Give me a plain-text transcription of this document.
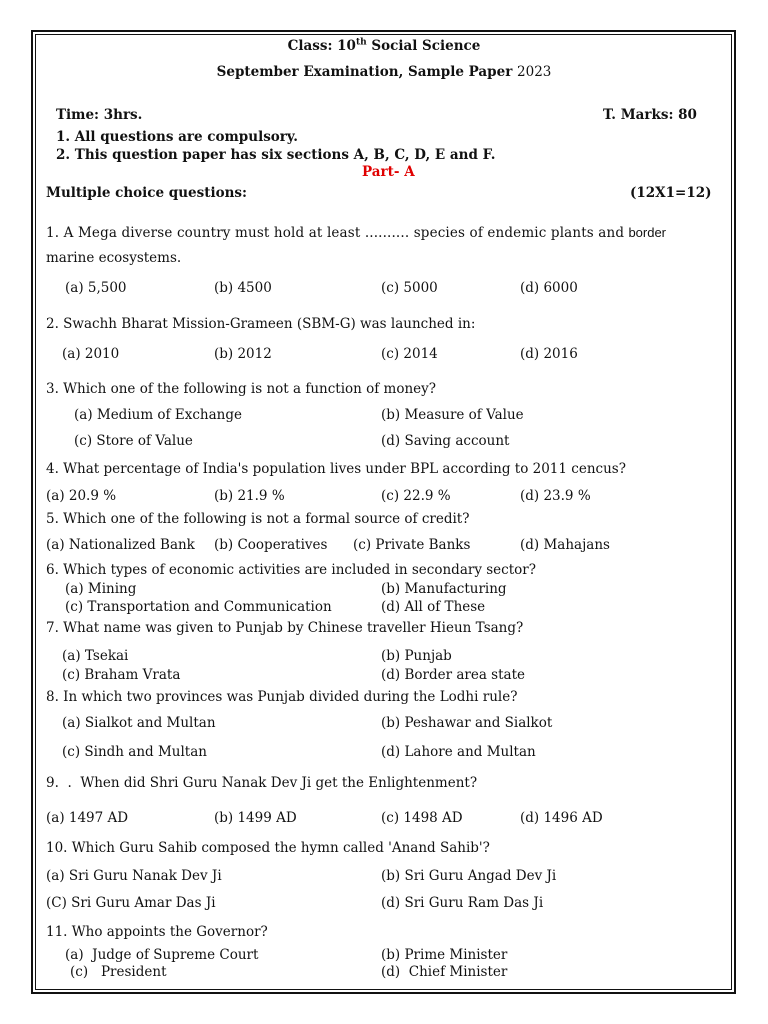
Class: 10th Social Science
September Examination, Sample Paper 2023
Time: 3hrs.	T. Marks: 80
1. All questions are compulsory.
2. This question paper has six sections A, B, C, D, E and F.
Part- A
Multiple choice questions:	(12X1=12)
1. A Mega diverse country must hold at least .......... species of endemic plants and border
marine ecosystems.
(a) 5,500	(b) 4500	(c) 5000	(d) 6000
2. Swachh Bharat Mission-Grameen (SBM-G) was launched in:
(a) 2010	(b) 2012	(c) 2014	(d) 2016
3. Which one of the following is not a function of money?
(a) Medium of Exchange	(b) Measure of Value
(c) Store of Value	(d) Saving account
4. What percentage of India's population lives under BPL according to 2011 cencus?
(a) 20.9 %	(b) 21.9 %	(c) 22.9 %	(d) 23.9 %
5. Which one of the following is not a formal source of credit?
(a) Nationalized Bank (b) Cooperatives (c) Private Banks	(d) Mahajans
6. Which types of economic activities are included in secondary sector?
(a) Mining	(b) Manufacturing
(c) Transportation and Communication	(d) All of These
7. What name was given to Punjab by Chinese traveller Hieun Tsang?
(a) Tsekai	(b) Punjab
(c) Braham Vrata	(d) Border area state
8. In which two provinces was Punjab divided during the Lodhi rule?
(a) Sialkot and Multan	(b) Peshawar and Sialkot
(c) Sindh and Multan	(d) Lahore and Multan
9.  .  When did Shri Guru Nanak Dev Ji get the Enlightenment?
(a) 1497 AD	(b) 1499 AD	(c) 1498 AD	(d) 1496 AD
10. Which Guru Sahib composed the hymn called 'Anand Sahib'?
(a) Sri Guru Nanak Dev Ji	(b) Sri Guru Angad Dev Ji
(C) Sri Guru Amar Das Ji	(d) Sri Guru Ram Das Ji
11. Who appoints the Governor?
(a)  Judge of Supreme Court	(b) Prime Minister
(c)   President	(d)  Chief Minister
